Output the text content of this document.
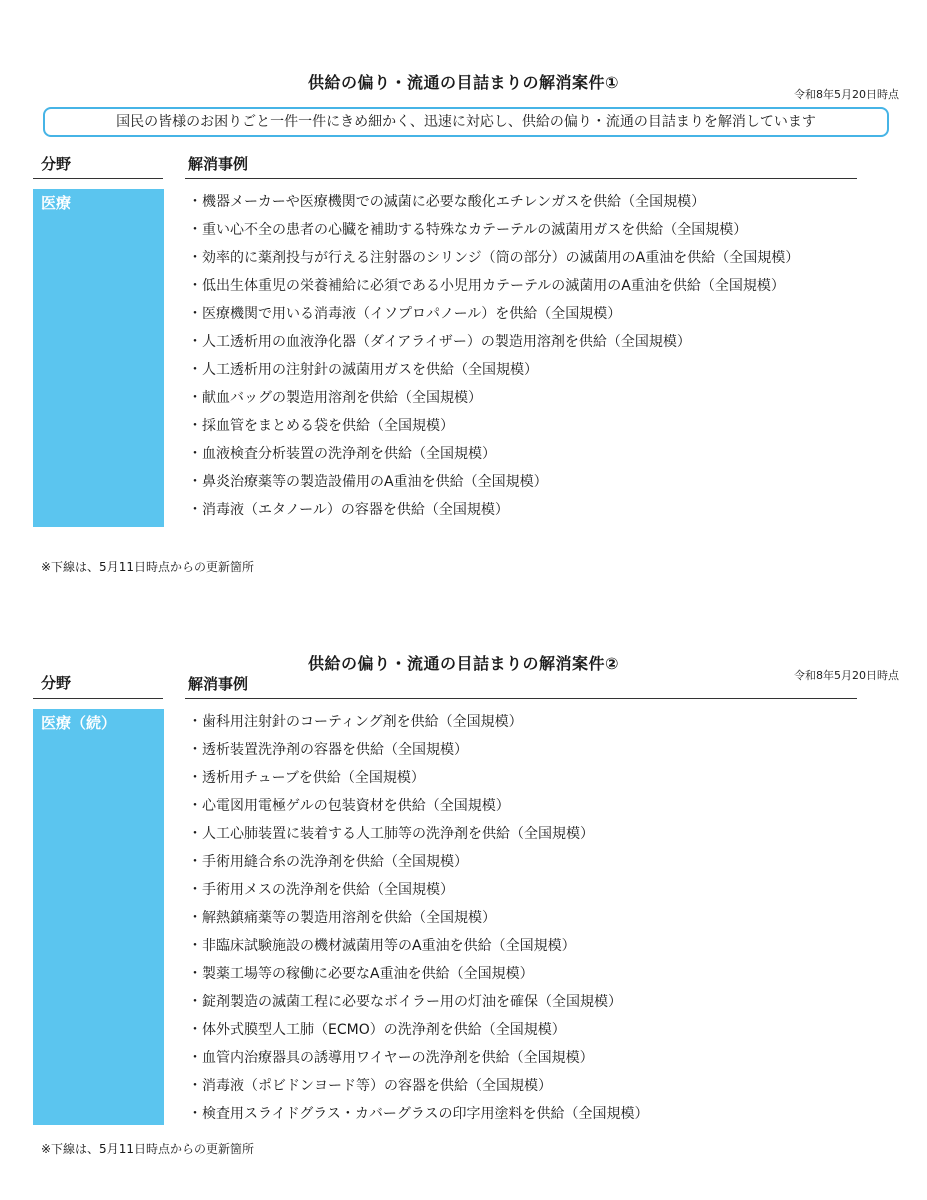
供給の偏り・流通の目詰まりの解消案件①
令和8年5月20日時点
国民の皆様のお困りごと一件一件にきめ細かく、迅速に対応し、供給の偏り・流通の目詰まりを解消しています
分野	解消事例
医療	・機器メーカーや医療機関での滅菌に必要な酸化エチレンガスを供給（全国規模）
・重い心不全の患者の心臓を補助する特殊なカテーテルの滅菌用ガスを供給（全国規模）
・効率的に薬剤投与が行える注射器のシリンジ（筒の部分）の滅菌用のA重油を供給（全国規模）
・低出生体重児の栄養補給に必須である小児用カテーテルの滅菌用のA重油を供給（全国規模）
・医療機関で用いる消毒液（イソプロパノール）を供給（全国規模）
・人工透析用の血液浄化器（ダイアライザー）の製造用溶剤を供給（全国規模）
・人工透析用の注射針の滅菌用ガスを供給（全国規模）
・献血バッグの製造用溶剤を供給（全国規模）
・採血管をまとめる袋を供給（全国規模）
・血液検査分析装置の洗浄剤を供給（全国規模）
・鼻炎治療薬等の製造設備用のA重油を供給（全国規模）
・消毒液（エタノール）の容器を供給（全国規模）
※下線は、5月11日時点からの更新箇所
供給の偏り・流通の目詰まりの解消案件②
令和8年5月20日時点
分野	解消事例
医療（続）	・歯科用注射針のコーティング剤を供給（全国規模）
・透析装置洗浄剤の容器を供給（全国規模）
・透析用チューブを供給（全国規模）
・心電図用電極ゲルの包装資材を供給（全国規模）
・人工心肺装置に装着する人工肺等の洗浄剤を供給（全国規模）
・手術用縫合糸の洗浄剤を供給（全国規模）
・手術用メスの洗浄剤を供給（全国規模）
・解熱鎮痛薬等の製造用溶剤を供給（全国規模）
・非臨床試験施設の機材滅菌用等のA重油を供給（全国規模）
・製薬工場等の稼働に必要なA重油を供給（全国規模）
・錠剤製造の滅菌工程に必要なボイラー用の灯油を確保（全国規模）
・体外式膜型人工肺（ECMO）の洗浄剤を供給（全国規模）
・血管内治療器具の誘導用ワイヤーの洗浄剤を供給（全国規模）
・消毒液（ポビドンヨード等）の容器を供給（全国規模）
・検査用スライドグラス・カバーグラスの印字用塗料を供給（全国規模）
※下線は、5月11日時点からの更新箇所
